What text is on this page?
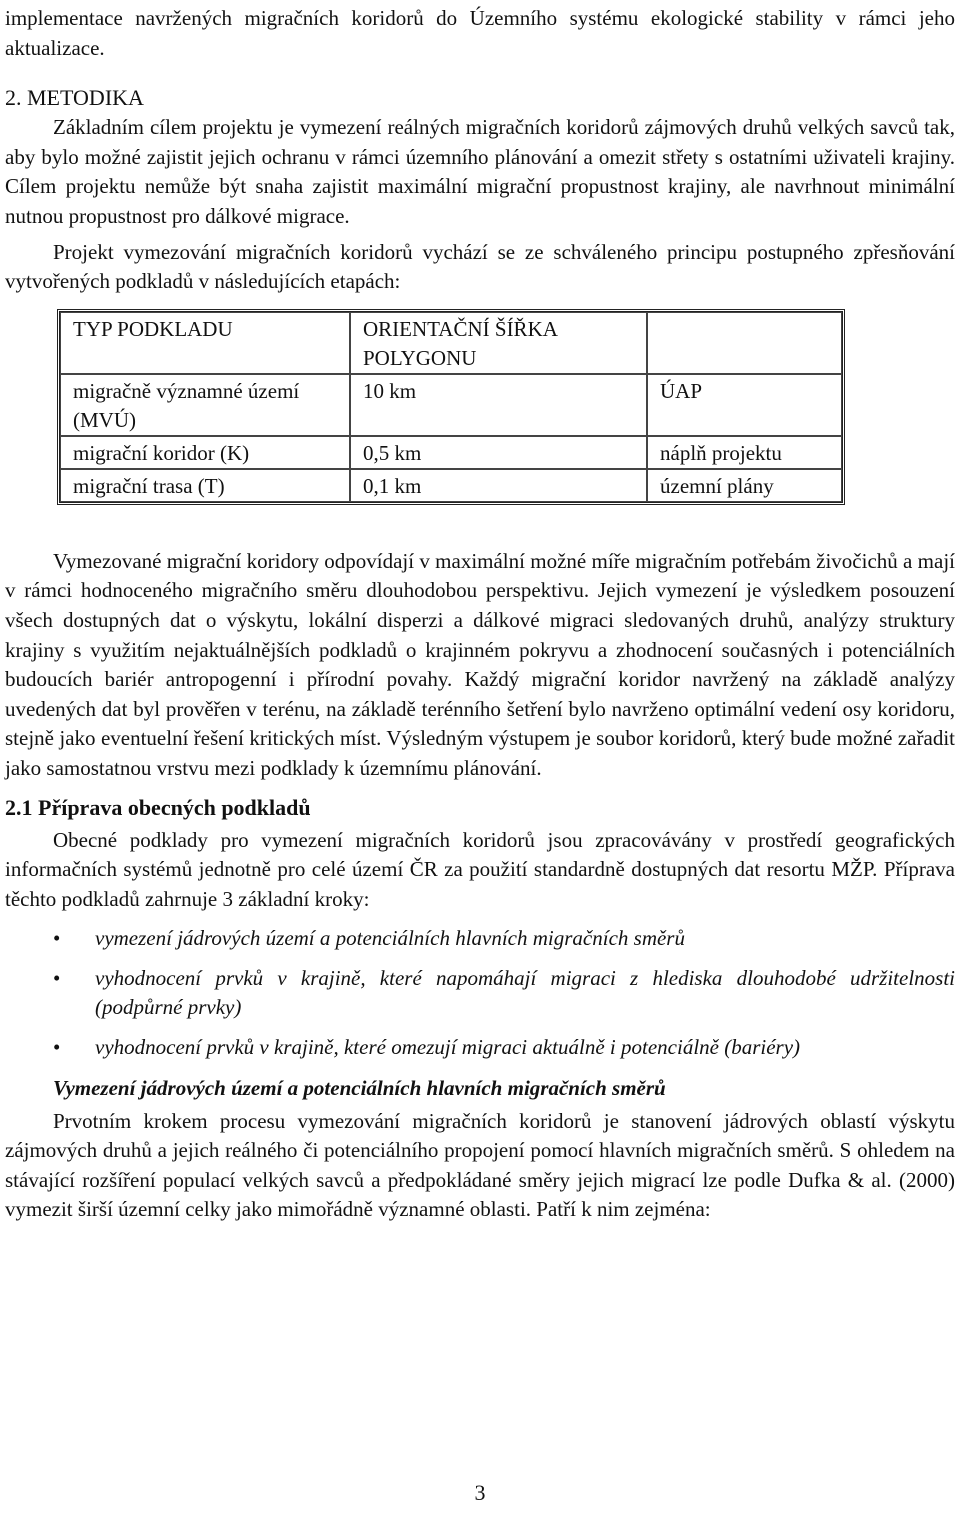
implementace navržených migračních koridorů do Územního systému ekologické stability v rámci jeho aktualizace.

2. METODIKA

Základním cílem projektu je vymezení reálných migračních koridorů zájmových druhů velkých savců tak, aby bylo možné zajistit jejich ochranu v rámci územního plánování a omezit střety s ostatními uživateli krajiny. Cílem projektu nemůže být snaha zajistit maximální migrační propustnost krajiny, ale navrhnout minimální nutnou propustnost pro dálkové migrace.

Projekt vymezování migračních koridorů vychází se ze schváleného principu postupného zpřesňování vytvořených podkladů v následujících etapách:

TYP PODKLADU	ORIENTAČNÍ ŠÍŘKA POLYGONU	
migračně významné území (MVÚ)	10 km	ÚAP
migrační koridor (K)	0,5 km	náplň projektu
migrační trasa (T)	0,1 km	územní plány

Vymezované migrační koridory odpovídají v maximální možné míře migračním potřebám živočichů a mají v rámci hodnoceného migračního směru dlouhodobou perspektivu. Jejich vymezení je výsledkem posouzení všech dostupných dat o výskytu, lokální disperzi a dálkové migraci sledovaných druhů, analýzy struktury krajiny s využitím nejaktuálnějších podkladů o krajinném pokryvu a zhodnocení současných i potenciálních budoucích bariér antropogenní i přírodní povahy. Každý migrační koridor navržený na základě analýzy uvedených dat byl prověřen v terénu, na základě terénního šetření bylo navrženo optimální vedení osy koridoru, stejně jako eventuelní řešení kritických míst. Výsledným výstupem je soubor koridorů, který bude možné zařadit jako samostatnou vrstvu mezi podklady k územnímu plánování.

2.1 Příprava obecných podkladů

Obecné podklady pro vymezení migračních koridorů jsou zpracovávány v prostředí geografických informačních systémů jednotně pro celé území ČR za použití standardně dostupných dat resortu MŽP. Příprava těchto podkladů zahrnuje 3 základní kroky:

• vymezení jádrových území a potenciálních hlavních migračních směrů
• vyhodnocení prvků v krajině, které napomáhají migraci z hlediska dlouhodobé udržitelnosti (podpůrné prvky)
• vyhodnocení prvků v krajině, které omezují migraci aktuálně i potenciálně (bariéry)
Vymezení jádrových území a potenciálních hlavních migračních směrů

Prvotním krokem procesu vymezování migračních koridorů je stanovení jádrových oblastí výskytu zájmových druhů a jejich reálného či potenciálního propojení pomocí hlavních migračních směrů. S ohledem na stávající rozšíření populací velkých savců a předpokládané směry jejich migrací lze podle Dufka & al. (2000) vymezit širší územní celky jako mimořádně významné oblasti. Patří k nim zejména:

3
